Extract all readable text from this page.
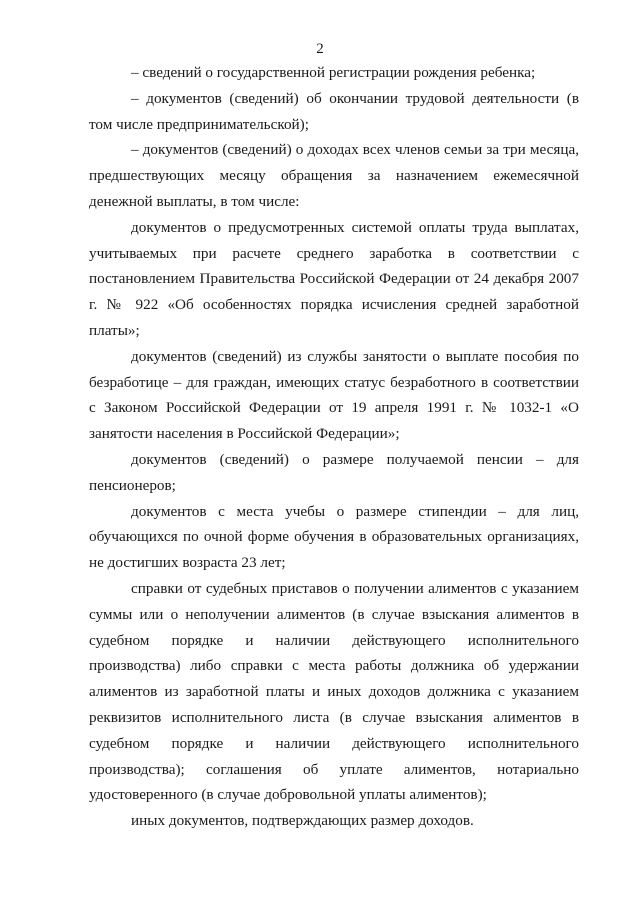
2

– сведений о государственной регистрации рождения ребенка;

– документов (сведений) об окончании трудовой деятельности (в том числе предпринимательской);

– документов (сведений) о доходах всех членов семьи за три месяца, предшествующих месяцу обращения за назначением ежемесячной денежной выплаты, в том числе:

документов о предусмотренных системой оплаты труда выплатах, учитываемых при расчете среднего заработка в соответствии с постановлением Правительства Российской Федерации от 24 декабря 2007 г. № 922 «Об особенностях порядка исчисления средней заработной платы»;

документов (сведений) из службы занятости о выплате пособия по безработице – для граждан, имеющих статус безработного в соответствии с Законом Российской Федерации от 19 апреля 1991 г. № 1032-1 «О занятости населения в Российской Федерации»;

документов (сведений) о размере получаемой пенсии – для пенсионеров;

документов с места учебы о размере стипендии – для лиц, обучающихся по очной форме обучения в образовательных организациях, не достигших возраста 23 лет;

справки от судебных приставов о получении алиментов с указанием суммы или о неполучении алиментов (в случае взыскания алиментов в судебном порядке и наличии действующего исполнительного производства) либо справки с места работы должника об удержании алиментов из заработной платы и иных доходов должника с указанием реквизитов исполнительного листа (в случае взыскания алиментов в судебном порядке и наличии действующего исполнительного производства); соглашения об уплате алиментов, нотариально удостоверенного (в случае добровольной уплаты алиментов);

иных документов, подтверждающих размер доходов.
